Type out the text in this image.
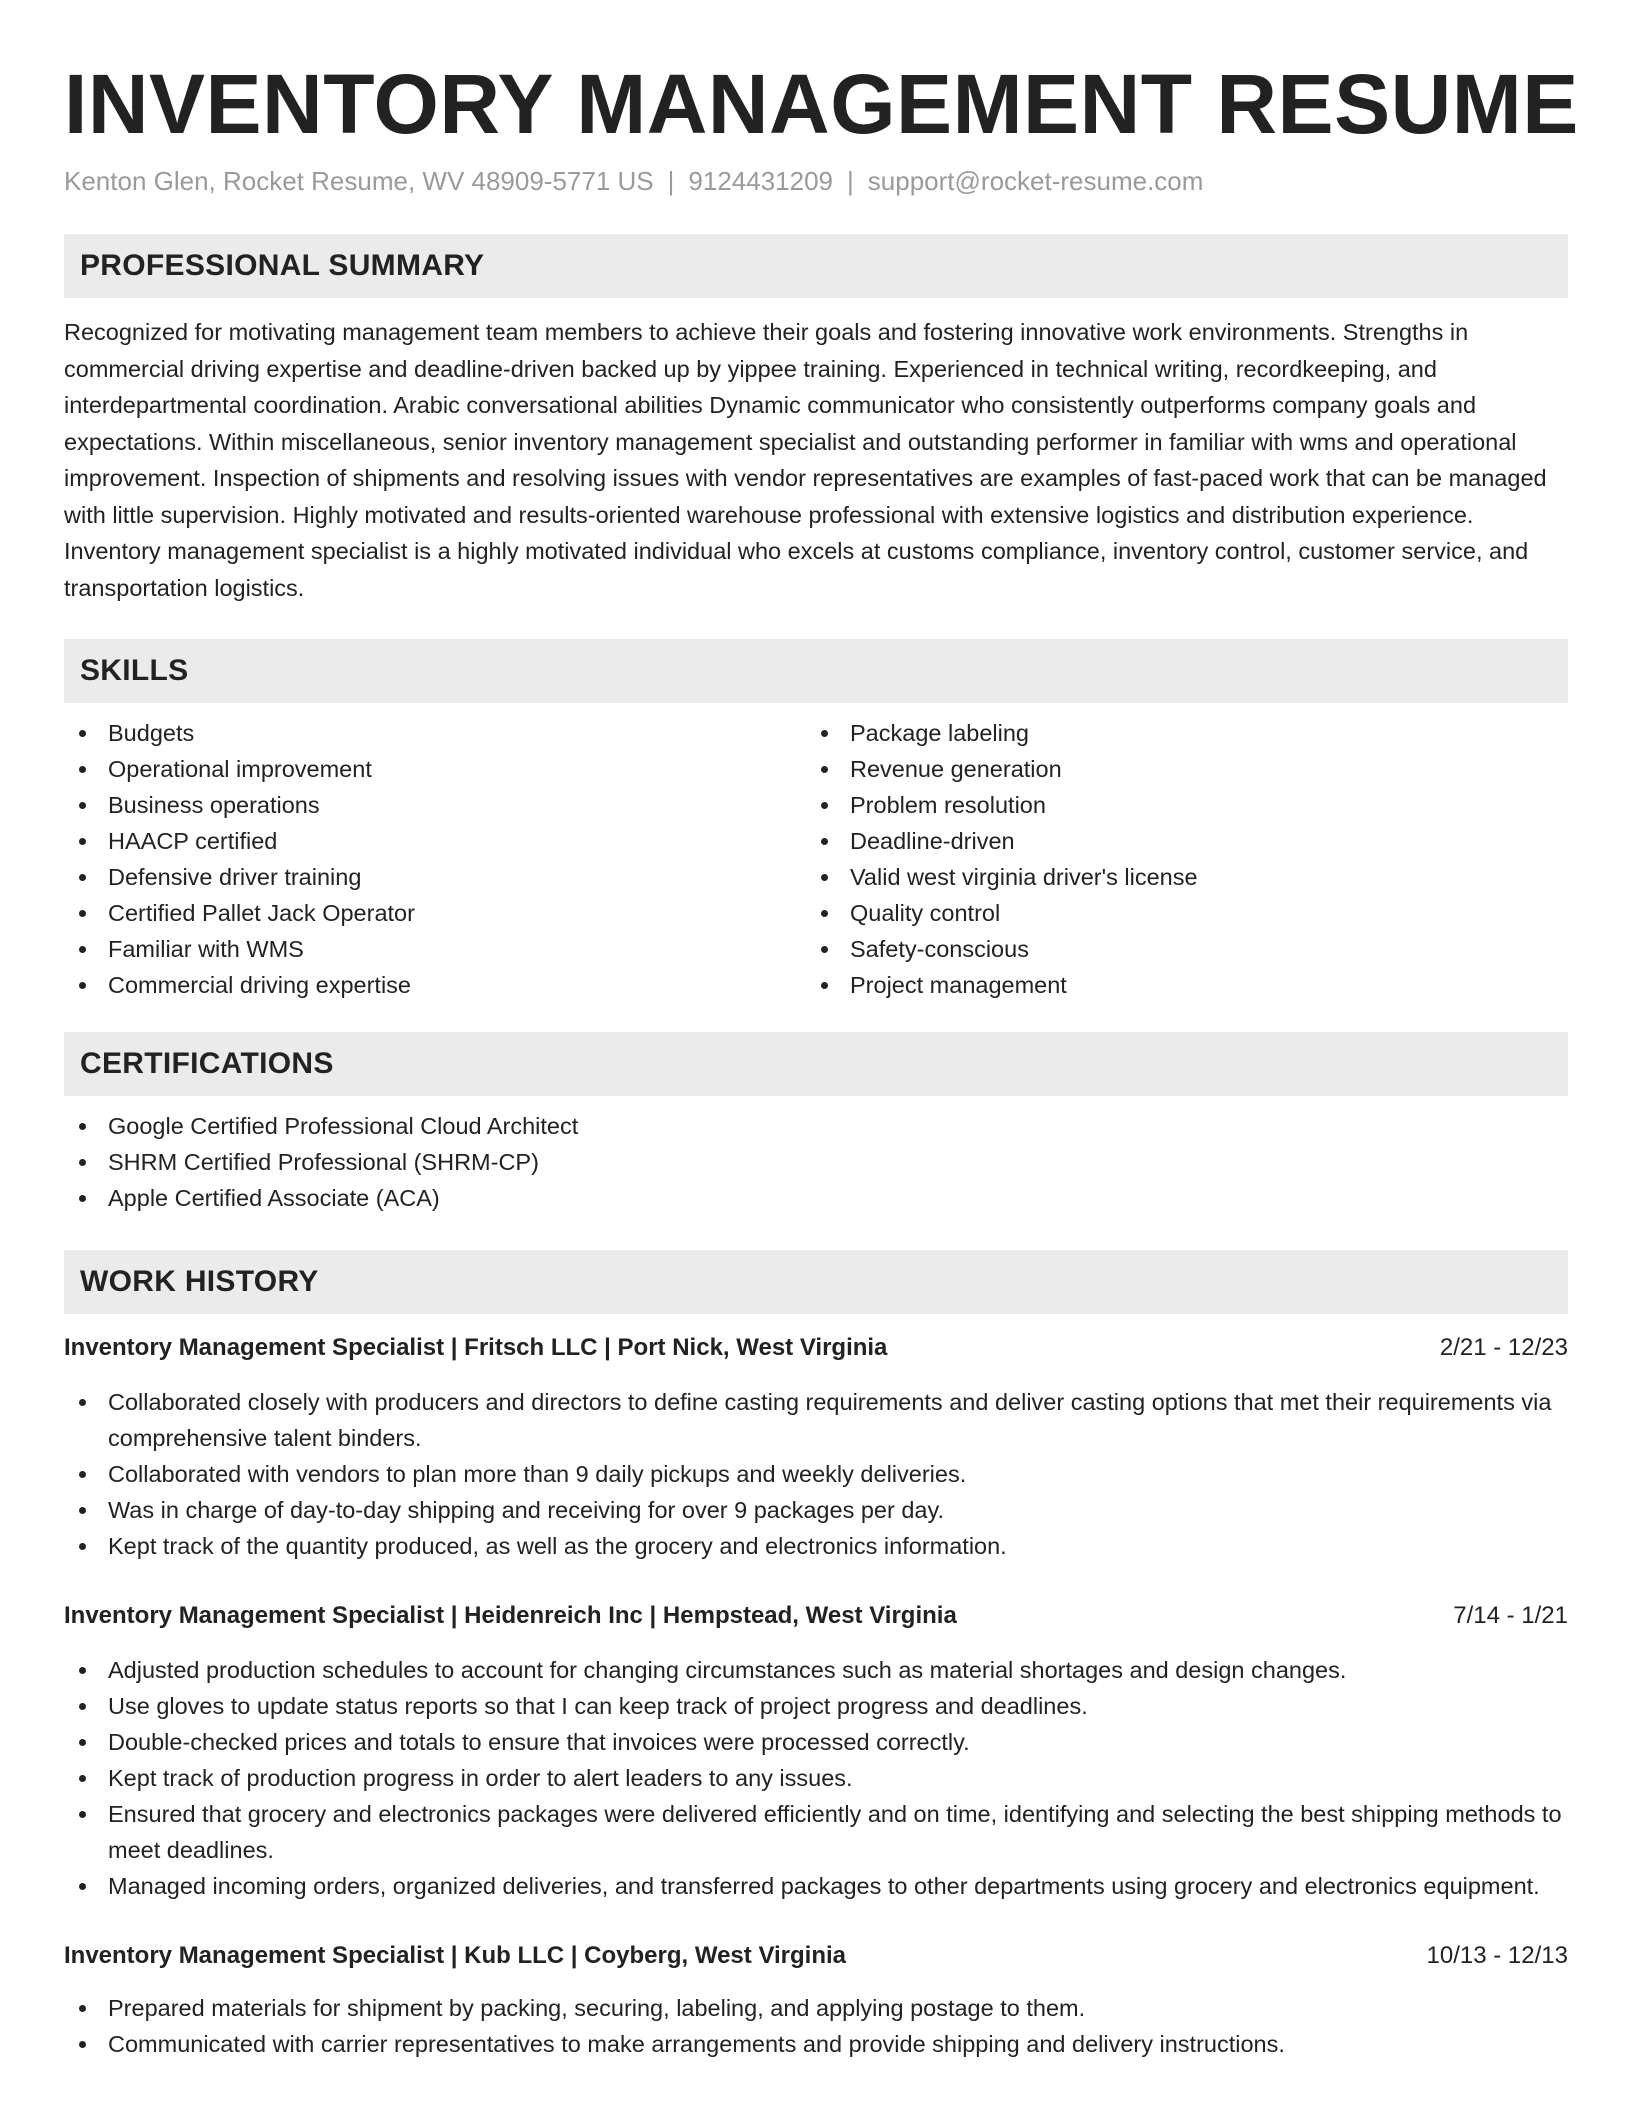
INVENTORY MANAGEMENT RESUME
Kenton Glen, Rocket Resume, WV 48909-5771 US | 9124431209 | support@rocket-resume.com
PROFESSIONAL SUMMARY

Recognized for motivating management team members to achieve their goals and fostering innovative work environments. Strengths in commercial driving expertise and deadline-driven backed up by yippee training. Experienced in technical writing, recordkeeping, and interdepartmental coordination. Arabic conversational abilities Dynamic communicator who consistently outperforms company goals and expectations. Within miscellaneous, senior inventory management specialist and outstanding performer in familiar with wms and operational improvement. Inspection of shipments and resolving issues with vendor representatives are examples of fast-paced work that can be managed with little supervision. Highly motivated and results-oriented warehouse professional with extensive logistics and distribution experience. Inventory management specialist is a highly motivated individual who excels at customs compliance, inventory control, customer service, and transportation logistics.

SKILLS
Budgets
Operational improvement
Business operations
HAACP certified
Defensive driver training
Certified Pallet Jack Operator
Familiar with WMS
Commercial driving expertise
Package labeling
Revenue generation
Problem resolution
Deadline-driven
Valid west virginia driver's license
Quality control
Safety-conscious
Project management
CERTIFICATIONS
Google Certified Professional Cloud Architect
SHRM Certified Professional (SHRM-CP)
Apple Certified Associate (ACA)
WORK HISTORY
Inventory Management Specialist | Fritsch LLC | Port Nick, West Virginia	2/21 - 12/23
Collaborated closely with producers and directors to define casting requirements and deliver casting options that met their requirements via comprehensive talent binders.
Collaborated with vendors to plan more than 9 daily pickups and weekly deliveries.
Was in charge of day-to-day shipping and receiving for over 9 packages per day.
Kept track of the quantity produced, as well as the grocery and electronics information.
Inventory Management Specialist | Heidenreich Inc | Hempstead, West Virginia	7/14 - 1/21
Adjusted production schedules to account for changing circumstances such as material shortages and design changes.
Use gloves to update status reports so that I can keep track of project progress and deadlines.
Double-checked prices and totals to ensure that invoices were processed correctly.
Kept track of production progress in order to alert leaders to any issues.
Ensured that grocery and electronics packages were delivered efficiently and on time, identifying and selecting the best shipping methods to meet deadlines.
Managed incoming orders, organized deliveries, and transferred packages to other departments using grocery and electronics equipment.
Inventory Management Specialist | Kub LLC | Coyberg, West Virginia	10/13 - 12/13
Prepared materials for shipment by packing, securing, labeling, and applying postage to them.
Communicated with carrier representatives to make arrangements and provide shipping and delivery instructions.
